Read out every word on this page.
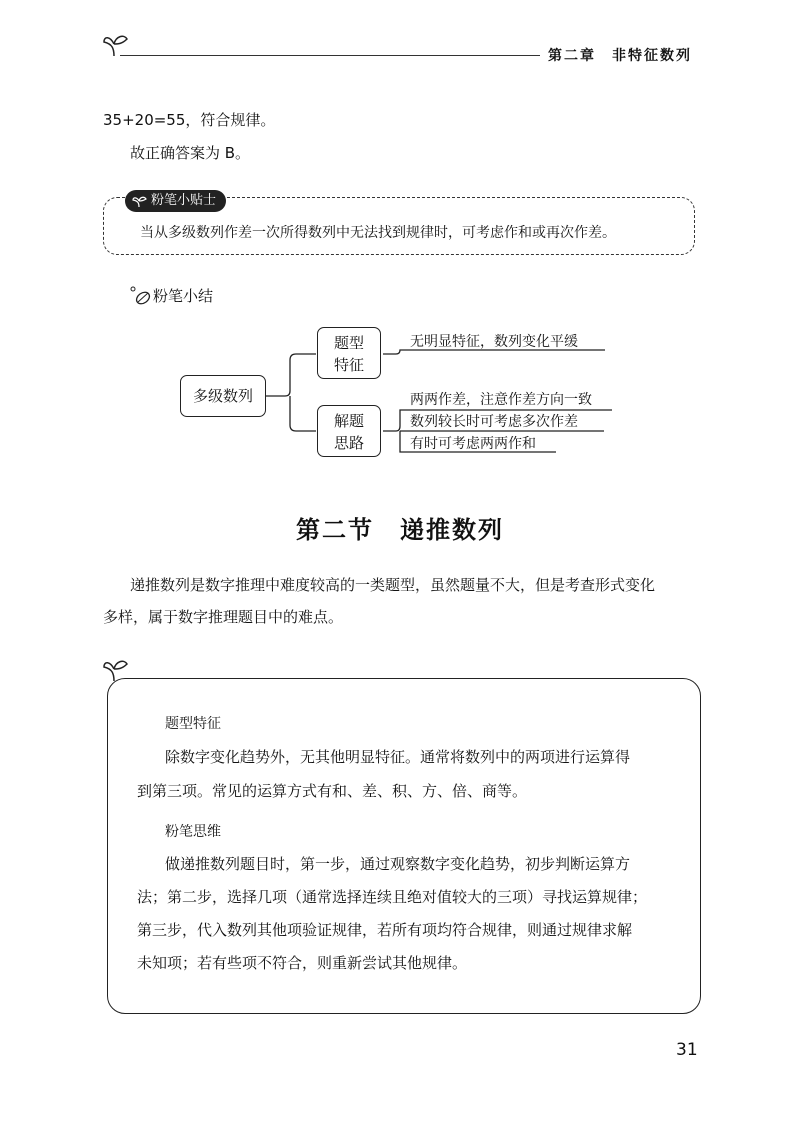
第二章　非特征数列
35+20=55，符合规律。
故正确答案为 B。
粉笔小贴士
当从多级数列作差一次所得数列中无法找到规律时，可考虑作和或再次作差。
粉笔小结
多级数列
题型
特征
解题
思路
无明显特征，数列变化平缓
两两作差，注意作差方向一致
数列较长时可考虑多次作差
有时可考虑两两作和
第二节　递推数列
递推数列是数字推理中难度较高的一类题型，虽然题量不大，但是考查形式变化
多样，属于数字推理题目中的难点。
题型特征
除数字变化趋势外，无其他明显特征。通常将数列中的两项进行运算得
到第三项。常见的运算方式有和、差、积、方、倍、商等。
粉笔思维
做递推数列题目时，第一步，通过观察数字变化趋势，初步判断运算方
法；第二步，选择几项（通常选择连续且绝对值较大的三项）寻找运算规律；
第三步，代入数列其他项验证规律，若所有项均符合规律，则通过规律求解
未知项；若有些项不符合，则重新尝试其他规律。
31
